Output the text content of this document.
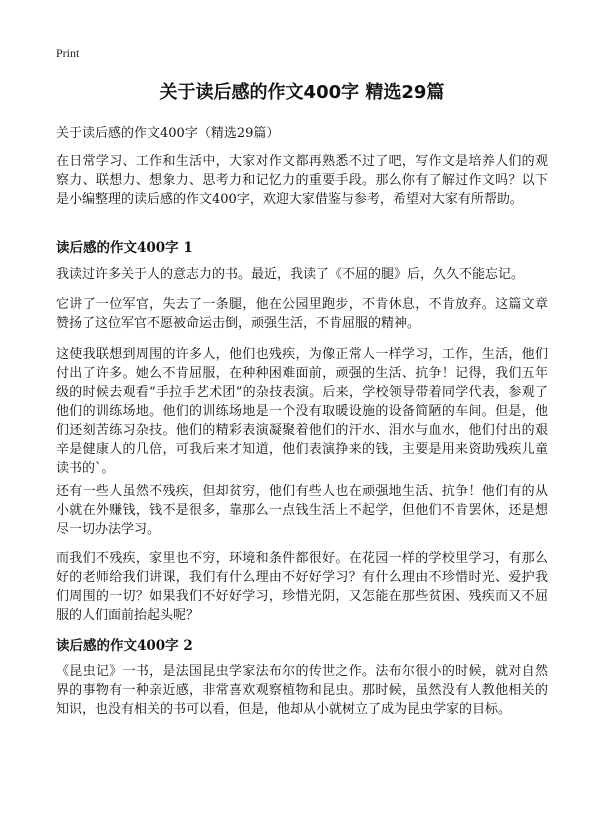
Print
关于读后感的作文400字 精选29篇

关于读后感的作文400字（精选29篇）

在日常学习、工作和生活中，大家对作文都再熟悉不过了吧，写作文是培养人们的观察力、联想力、想象力、思考力和记忆力的重要手段。那么你有了解过作文吗？以下是小编整理的读后感的作文400字，欢迎大家借鉴与参考，希望对大家有所帮助。

读后感的作文400字 1

我读过许多关于人的意志力的书。最近，我读了《不屈的腿》后，久久不能忘记。

它讲了一位军官，失去了一条腿，他在公园里跑步，不肯休息，不肯放弃。这篇文章赞扬了这位军官不愿被命运击倒，顽强生活，不肯屈服的精神。

这使我联想到周围的许多人，他们也残疾，为像正常人一样学习，工作，生活，他们付出了许多。她么不肯屈服，在种种困难面前，顽强的生活、抗争！记得，我们五年级的时候去观看“手拉手艺术团”的杂技表演。后来，学校领导带着同学代表，参观了他们的训练场地。他们的训练场地是一个没有取暖设施的设备简陋的车间。但是，他们还刻苦练习杂技。他们的精彩表演凝聚着他们的汗水、泪水与血水，他们付出的艰辛是健康人的几倍，可我后来才知道，他们表演挣来的钱，主要是用来资助残疾儿童读书的`。

还有一些人虽然不残疾，但却贫穷，他们有些人也在顽强地生活、抗争！他们有的从小就在外赚钱，钱不是很多，靠那么一点钱生活上不起学，但他们不肯罢休，还是想尽一切办法学习。

而我们不残疾，家里也不穷，环境和条件都很好。在花园一样的学校里学习，有那么好的老师给我们讲课，我们有什么理由不好好学习？有什么理由不珍惜时光、爱护我们周围的一切？如果我们不好好学习，珍惜光阴，又怎能在那些贫困、残疾而又不屈服的人们面前抬起头呢？

读后感的作文400字 2

《昆虫记》一书，是法国昆虫学家法布尔的传世之作。法布尔很小的时候，就对自然界的事物有一种亲近感，非常喜欢观察植物和昆虫。那时候，虽然没有人教他相关的知识，也没有相关的书可以看，但是，他却从小就树立了成为昆虫学家的目标。
